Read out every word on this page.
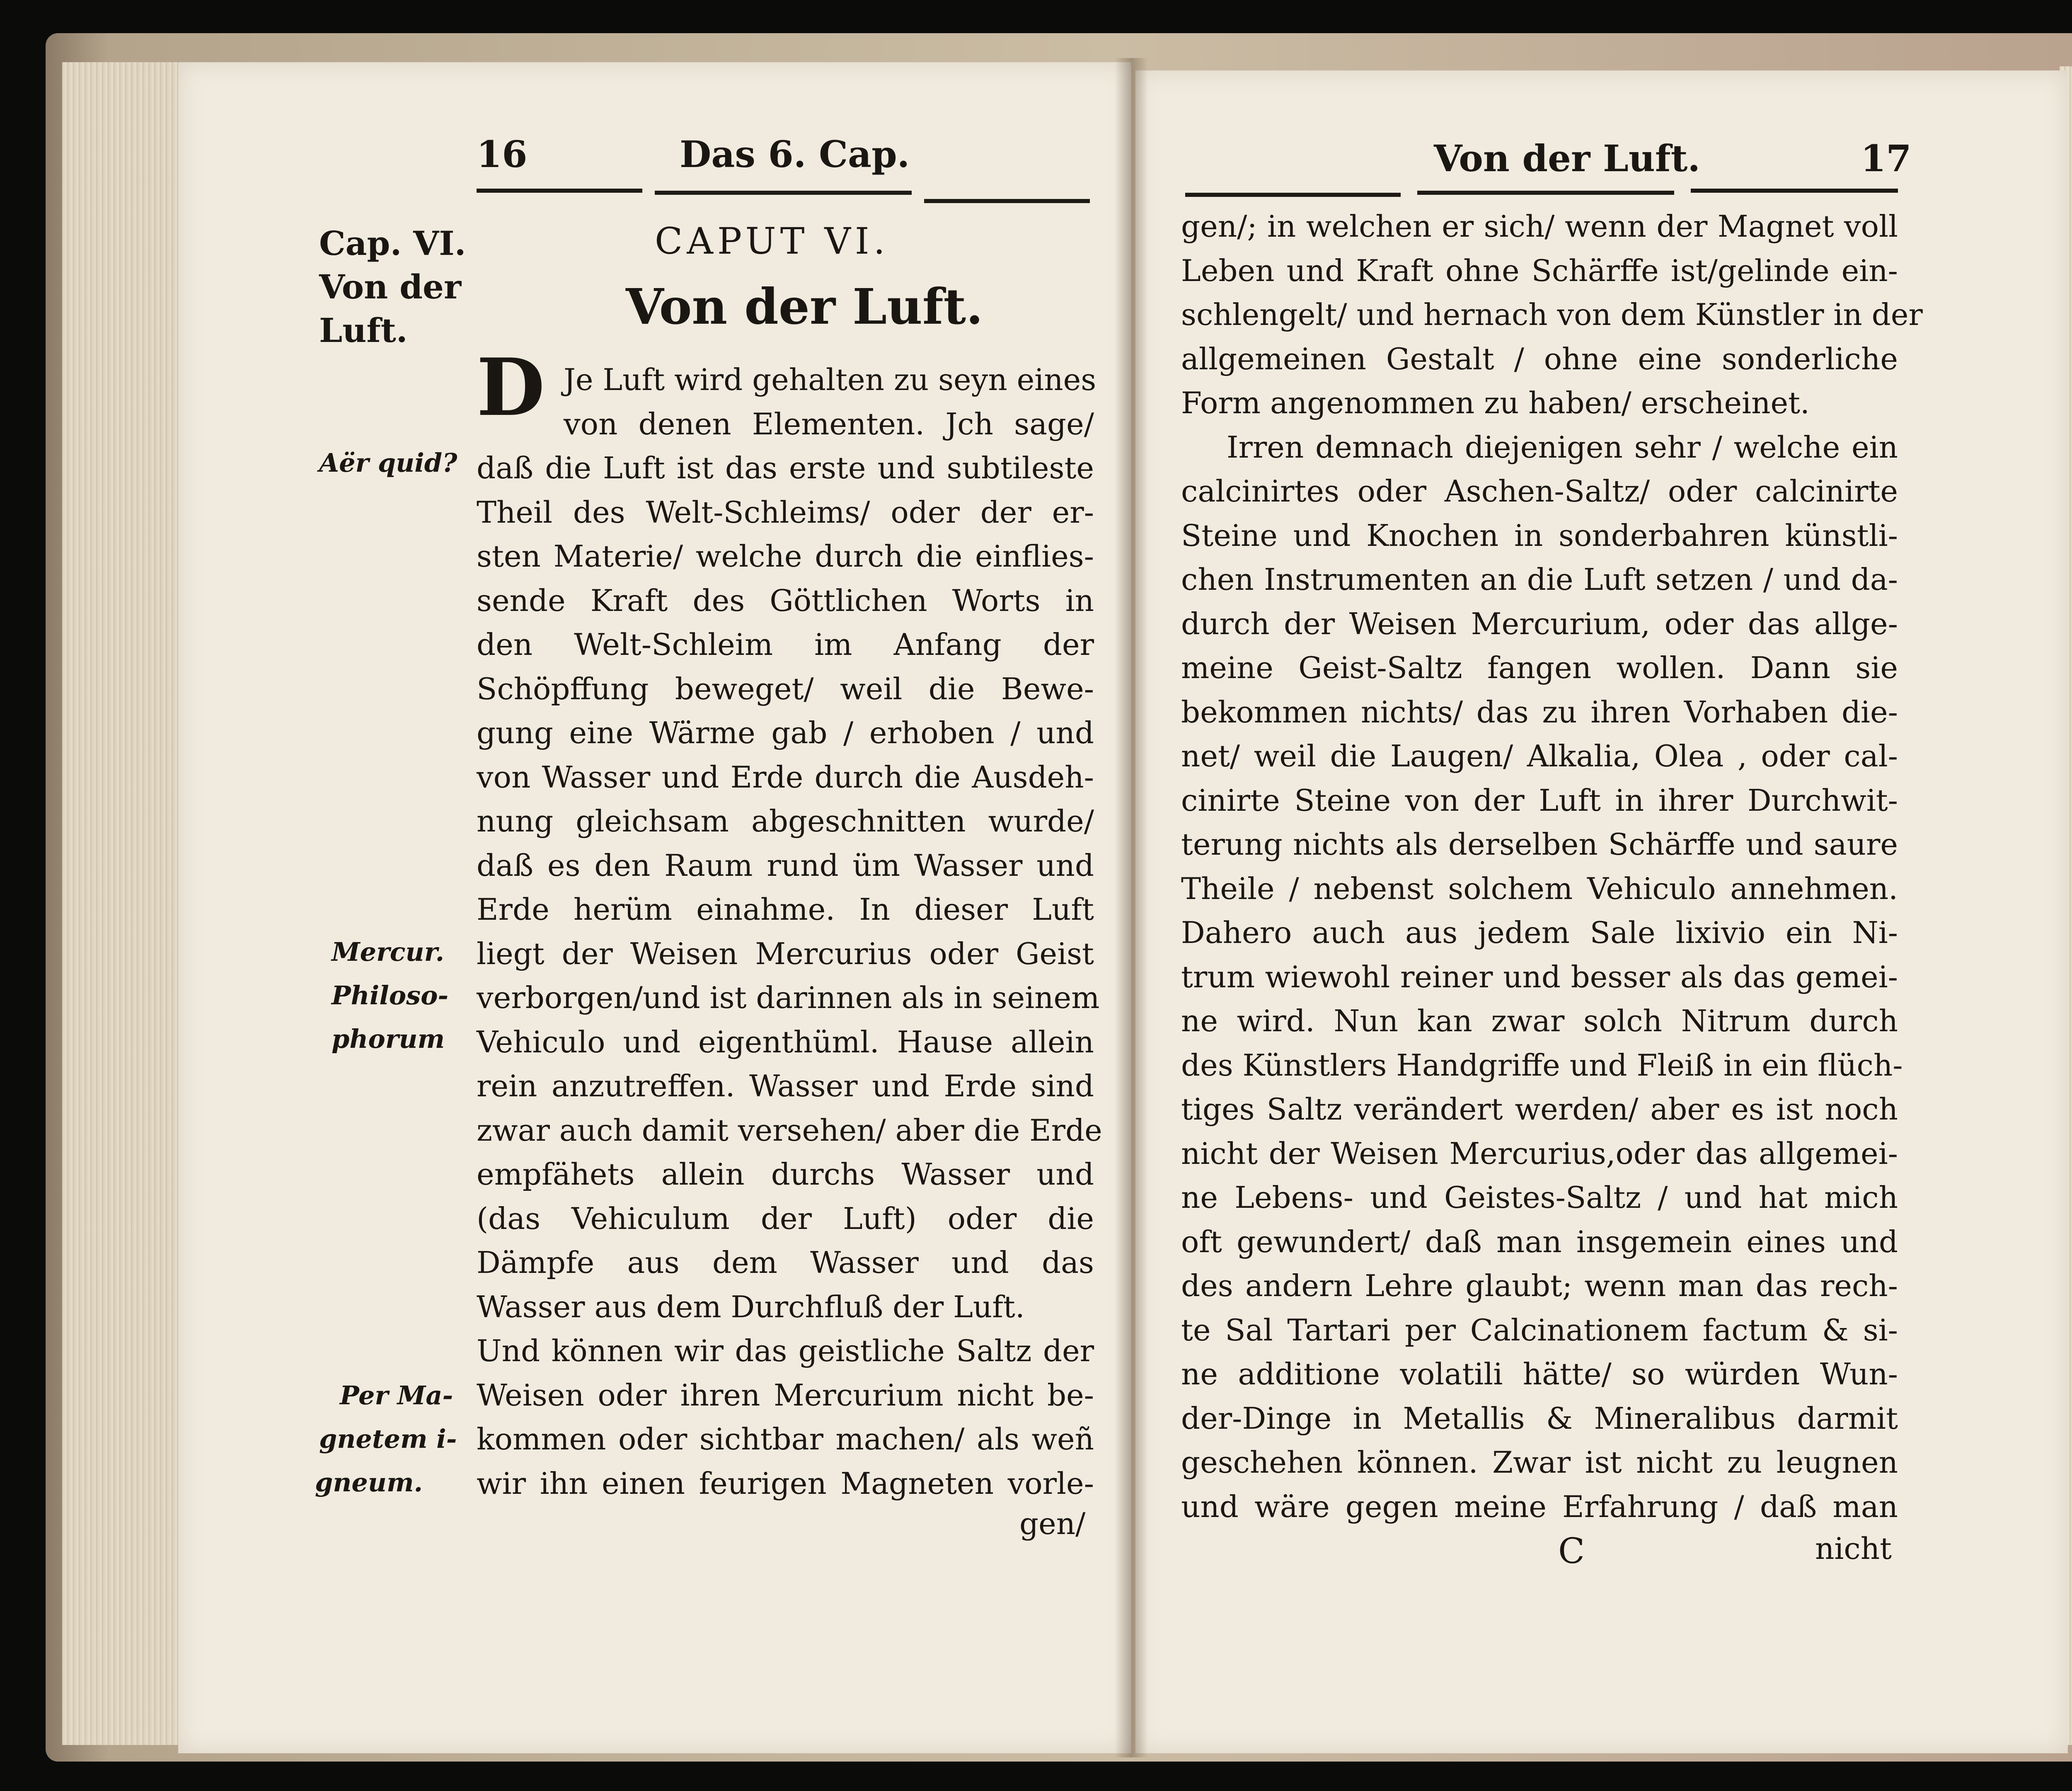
16	Das 6. Cap.
Cap. VI.
Von der
Luft.
CAPUT VI.
Von der Luft.
D
Aër quid?
Mercur.
Philoso-
phorum
Per Ma-
gnetem i-
gneum.
Je Luft wird gehalten zu seyn eines
von denen Elementen. Jch sage/
daß die Luft ist das erste und subtileste
Theil des Welt-Schleims/ oder der er-
sten Materie/ welche durch die einflies-
sende Kraft des Göttlichen Worts in
den Welt-Schleim im Anfang der
Schöpffung beweget/ weil die Bewe-
gung eine Wärme gab / erhoben / und
von Wasser und Erde durch die Ausdeh-
nung gleichsam abgeschnitten wurde/
daß es den Raum rund üm Wasser und
Erde herüm einahme. In dieser Luft
liegt der Weisen Mercurius oder Geist
verborgen/und ist darinnen als in seinem
Vehiculo und eigenthüml. Hause allein
rein anzutreffen. Wasser und Erde sind
zwar auch damit versehen/ aber die Erde
empfähets allein durchs Wasser und
(das Vehiculum der Luft) oder die
Dämpfe aus dem Wasser und das
Wasser aus dem Durchfluß der Luft.
Und können wir das geistliche Saltz der
Weisen oder ihren Mercurium nicht be-
kommen oder sichtbar machen/ als weñ
wir ihn einen feurigen Magneten vorle-
gen/
Von der Luft.	17
gen/; in welchen er sich/ wenn der Magnet voll
Leben und Kraft ohne Schärffe ist/gelinde ein-
schlengelt/ und hernach von dem Künstler in der
allgemeinen Gestalt / ohne eine sonderliche
Form angenommen zu haben/ erscheinet.
Irren demnach diejenigen sehr / welche ein
calcinirtes oder Aschen-Saltz/ oder calcinirte
Steine und Knochen in sonderbahren künstli-
chen Instrumenten an die Luft setzen / und da-
durch der Weisen Mercurium, oder das allge-
meine Geist-Saltz fangen wollen. Dann sie
bekommen nichts/ das zu ihren Vorhaben die-
net/ weil die Laugen/ Alkalia, Olea , oder cal-
cinirte Steine von der Luft in ihrer Durchwit-
terung nichts als derselben Schärffe und saure
Theile / nebenst solchem Vehiculo annehmen.
Dahero auch aus jedem Sale lixivio ein Ni-
trum wiewohl reiner und besser als das gemei-
ne wird. Nun kan zwar solch Nitrum durch
des Künstlers Handgriffe und Fleiß in ein flüch-
tiges Saltz verändert werden/ aber es ist noch
nicht der Weisen Mercurius,oder das allgemei-
ne Lebens- und Geistes-Saltz / und hat mich
oft gewundert/ daß man insgemein eines und
des andern Lehre glaubt; wenn man das rech-
te Sal Tartari per Calcinationem factum & si-
ne additione volatili hätte/ so würden Wun-
der-Dinge in Metallis & Mineralibus darmit
geschehen können. Zwar ist nicht zu leugnen
und wäre gegen meine Erfahrung / daß man
C	nicht
